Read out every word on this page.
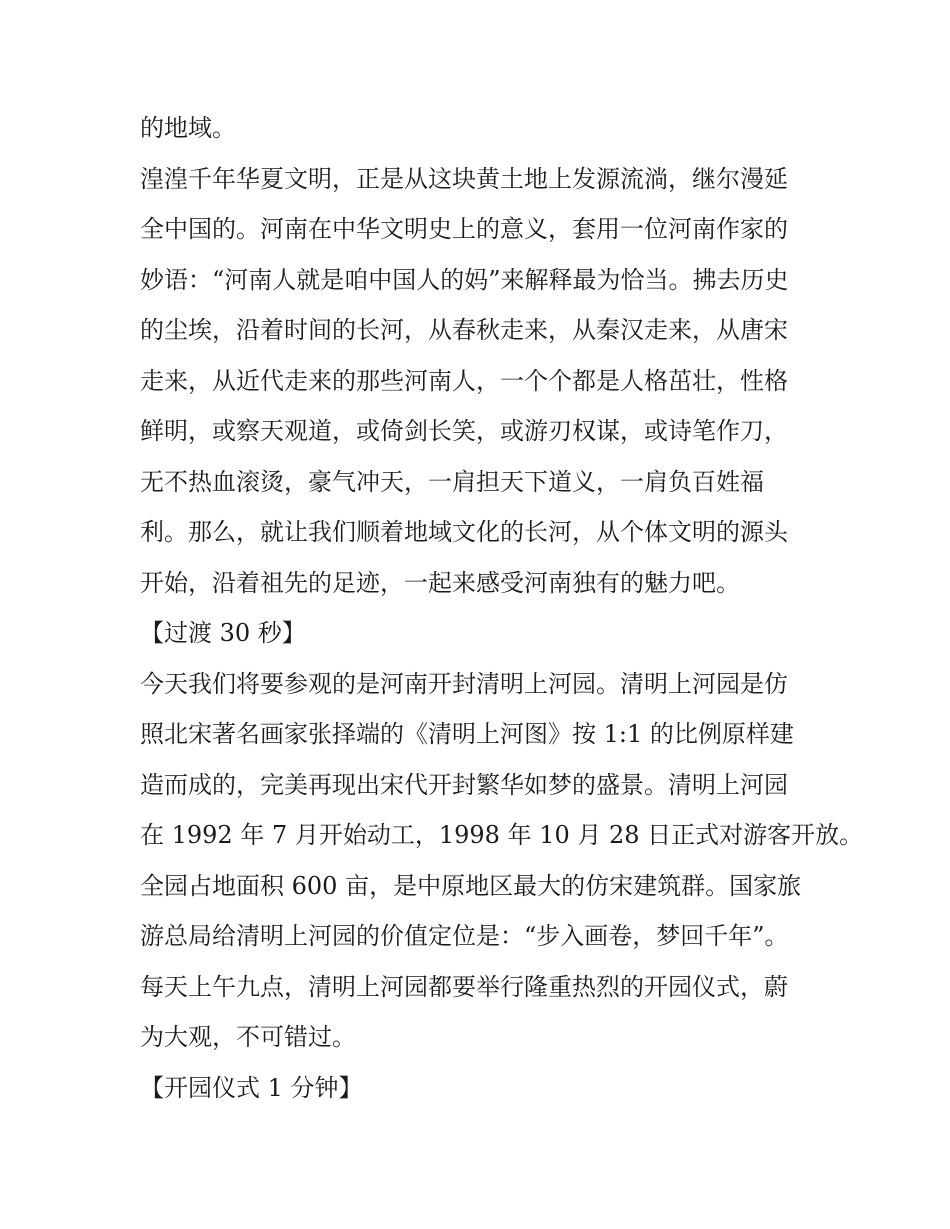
的地域。
湟湟千年华夏文明，正是从这块黄土地上发源流淌，继尔漫延
全中国的。河南在中华文明史上的意义，套用一位河南作家的
妙语：“河南人就是咱中国人的妈”来解释最为恰当。拂去历史
的尘埃，沿着时间的长河，从春秋走来，从秦汉走来，从唐宋
走来，从近代走来的那些河南人，一个个都是人格茁壮，性格
鲜明，或察天观道，或倚剑长笑，或游刃权谋，或诗笔作刀，
无不热血滚烫，豪气冲天，一肩担天下道义，一肩负百姓福
利。那么，就让我们顺着地域文化的长河，从个体文明的源头
开始，沿着祖先的足迹，一起来感受河南独有的魅力吧。
【过渡 30 秒】
今天我们将要参观的是河南开封清明上河园。清明上河园是仿
照北宋著名画家张择端的《清明上河图》按 1:1 的比例原样建
造而成的，完美再现出宋代开封繁华如梦的盛景。清明上河园
在 1992 年 7 月开始动工，1998 年 10 月 28 日正式对游客开放。
全园占地面积 600 亩，是中原地区最大的仿宋建筑群。国家旅
游总局给清明上河园的价值定位是：“步入画卷，梦回千年”。
每天上午九点，清明上河园都要举行隆重热烈的开园仪式，蔚
为大观，不可错过。
【开园仪式 1 分钟】
